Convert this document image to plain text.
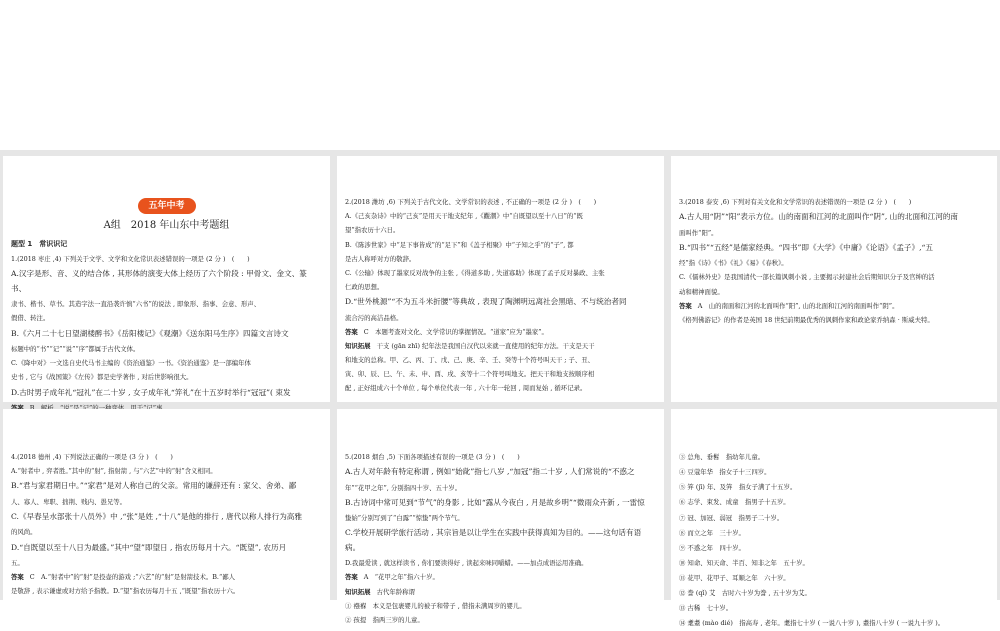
五年中考
A组　2018 年山东中考题组

题型 1　常识识记

1.(2018 枣庄 ,4) 下列关于文学、文学和文化常识表述错误的一项是 (2 分 )　(　　)

A.汉字是形、音、义的结合体 , 其形体的演变大体上经历了六个阶段 : 甲骨文、金文、篆书、

隶书、楷书、草书。其造字法一直沿袭许慎“六书”的说法 , 即象形、指事、会意、形声、

假借、转注。

B.《六月二十七日望湖楼醉书》《岳阳楼记》《观潮》《送东阳马生序》四篇文言诗文

标题中的“书”“记”“说”“序”都属于古代文体。

C.《降中对》一文选自史代马书主编的《资治通鉴》一书。《资治通鉴》是一部编年体

史书 , 它与《战国策》《左传》都是史学著作 , 对后世影响很大。

D.古时男子成年礼“冠礼”在二十岁 , 女子成年礼“笄礼”在十五岁时举行“冠冠”( 束发

2.(2018 潍坊 ,6) 下列关于古代文化、文学常识的表述 , 不正确的一项是 (2 分 )　(　　)

A.《己亥杂诗》中的“己亥”是用天干地支纪年 ,《觀潮》中“自既望以至十八日”的“既

望”指农历十六日。

B.《陈涉世家》中“足下事皆成”的“足下”和《盖子相聚》中“子知之乎”的“子”, 都

是古人称呼对方的敬辞。

C.《公输》体现了墨家反对战争的主张 ,《得道多助 , 失道寡助》体现了孟子反对暴政、主张

仁政的思想。

D.“世外桃源”“不为五斗米折腰”等典故 , 表现了陶渊明远离社会黑暗、不与统治者同

流合污的高洁品格。

答案 C　本题考查对文化、文学常识的掌握情况。“道家”应为“墨家”。

知识拓展 干支 (gān zhī) 纪年法是我国自汉代以来就一直使用的纪年方法。干支是天干

和地支的总称。甲、乙、丙、丁、戊、己、庚、辛、壬、癸等十个符号叫天干 ; 子、丑、

寅、卯、辰、巳、午、未、申、酉、戌、亥等十二个符号叫地支。把天干和地支按顺序相

配 , 正好组成六十个单位 , 每个单位代表一年 , 六十年一轮回 , 周而复始 , 循环记录。

3.(2018 泰安 ,6) 下列对有关文化和文学常识的表述错误的一项是 (2 分 )　(　　)

A.古人用“阴”“阳”表示方位。山的南面和江河的北面叫作“阴”, 山的北面和江河的南

面叫作“阳”。

B.“四书”“五经”是儒家经典。“四书”即《大学》《中庸》《论语》《孟子》,“五

经”指《诗》《书》《礼》《易》《春秋》。

C.《儒林外史》是我国清代一部长篇讽刺小说 , 主要揭示封建社会后期知识分子及官绅的活

动和精神面貌。

答案 A　山的南面和江河的北面叫作“阳”, 山的北面和江河的南面叫作“阴”。

《格列佛游记》的作者是英国 18 世纪前期最优秀的讽刺作家和政论家乔纳森 · 斯威夫特。

4.(2018 德州 ,4) 下列说法正确的一项是 (3 分 )　(　　)

A.“射者中 , 弈者胜。”其中的“射”, 指射箭 , 与“六艺”中的“射”含义相同。

B.“君与家君期日中。”“家君”是对人称自己的父亲。常用的谦辞还有 : 家父、舍弟、鄙

人、寡人、卑职、拙荆、贱内、愚兄等。

C.《早春呈水部张十八员外》中 ,“张”是姓 ,“十八”是他的排行 , 唐代以称人排行为高雅

的风尚。

D.“自既望以至十八日为最盛。”其中“望”即望日 , 指农历每月十六。“既望”, 农历月

五。

答案 C　A.“射者中”的“射”是投壶的游戏 ;“六艺”的“射”是射箭技术。B.“鄙人

是敬辞 , 表示谦虚或对方给予指教。D.“望”指农历每月十五 ,“既望”指农历十六。

5.(2018 烟台 ,5) 下面各项描述有误的一项是 (3 分 )　(　　)

A.古人对年龄有特定称谓 , 例如“始龀”指七八岁 ,“加冠”指二十岁 , 人们常说的“不惑之

年”“花甲之年”, 分别指四十岁、五十岁。

B.古诗词中常可见到“节气”的身影 , 比如“露从今夜白 , 月是故乡明”“微雨众卉新 , 一雷惊

蛰始”分别写到了“白露”“惊蛰”两个节气。

C.学校开展研学旅行活动 , 其宗旨是以让学生在实践中获得真知为目的。——这句话有语病。

D.我最爱读 , 就这样读书 , 你们要读得好 , 读起来味同嚼蜡。——加点成语运用准确。

答案 A　“花甲之年”指六十岁。

知识拓展 古代年龄称谓

① 襁褓　本义是包裹婴儿的被子和带子 , 借指未满周岁的婴儿。

② 孩提　指两三岁的儿童。

③ 总角、垂髫　指幼年儿童。

④ 豆蔻年华　指女子十三四岁。

⑤ 笄 (jī) 年、及笄　指女子满了十五岁。

⑥ 志学、束发、成童　指男子十五岁。

⑦ 冠、加冠、弱冠　指男子二十岁。

⑧ 而立之年　三十岁。

⑨ 不惑之年　四十岁。

⑩ 知命、知天命、半百、知非之年　五十岁。

⑪ 花甲、花甲子、耳顺之年　六十岁。

⑫ 誊 (qǐ) 艾　古时六十岁为誊 , 五十岁为艾。

⑬ 古稀　七十岁。

⑭ 耄耋 (mào dié)　指高寿 , 老年。耄指七十岁 ( 一说八十岁 ), 耋指八十岁 ( 一说九十岁 )。
